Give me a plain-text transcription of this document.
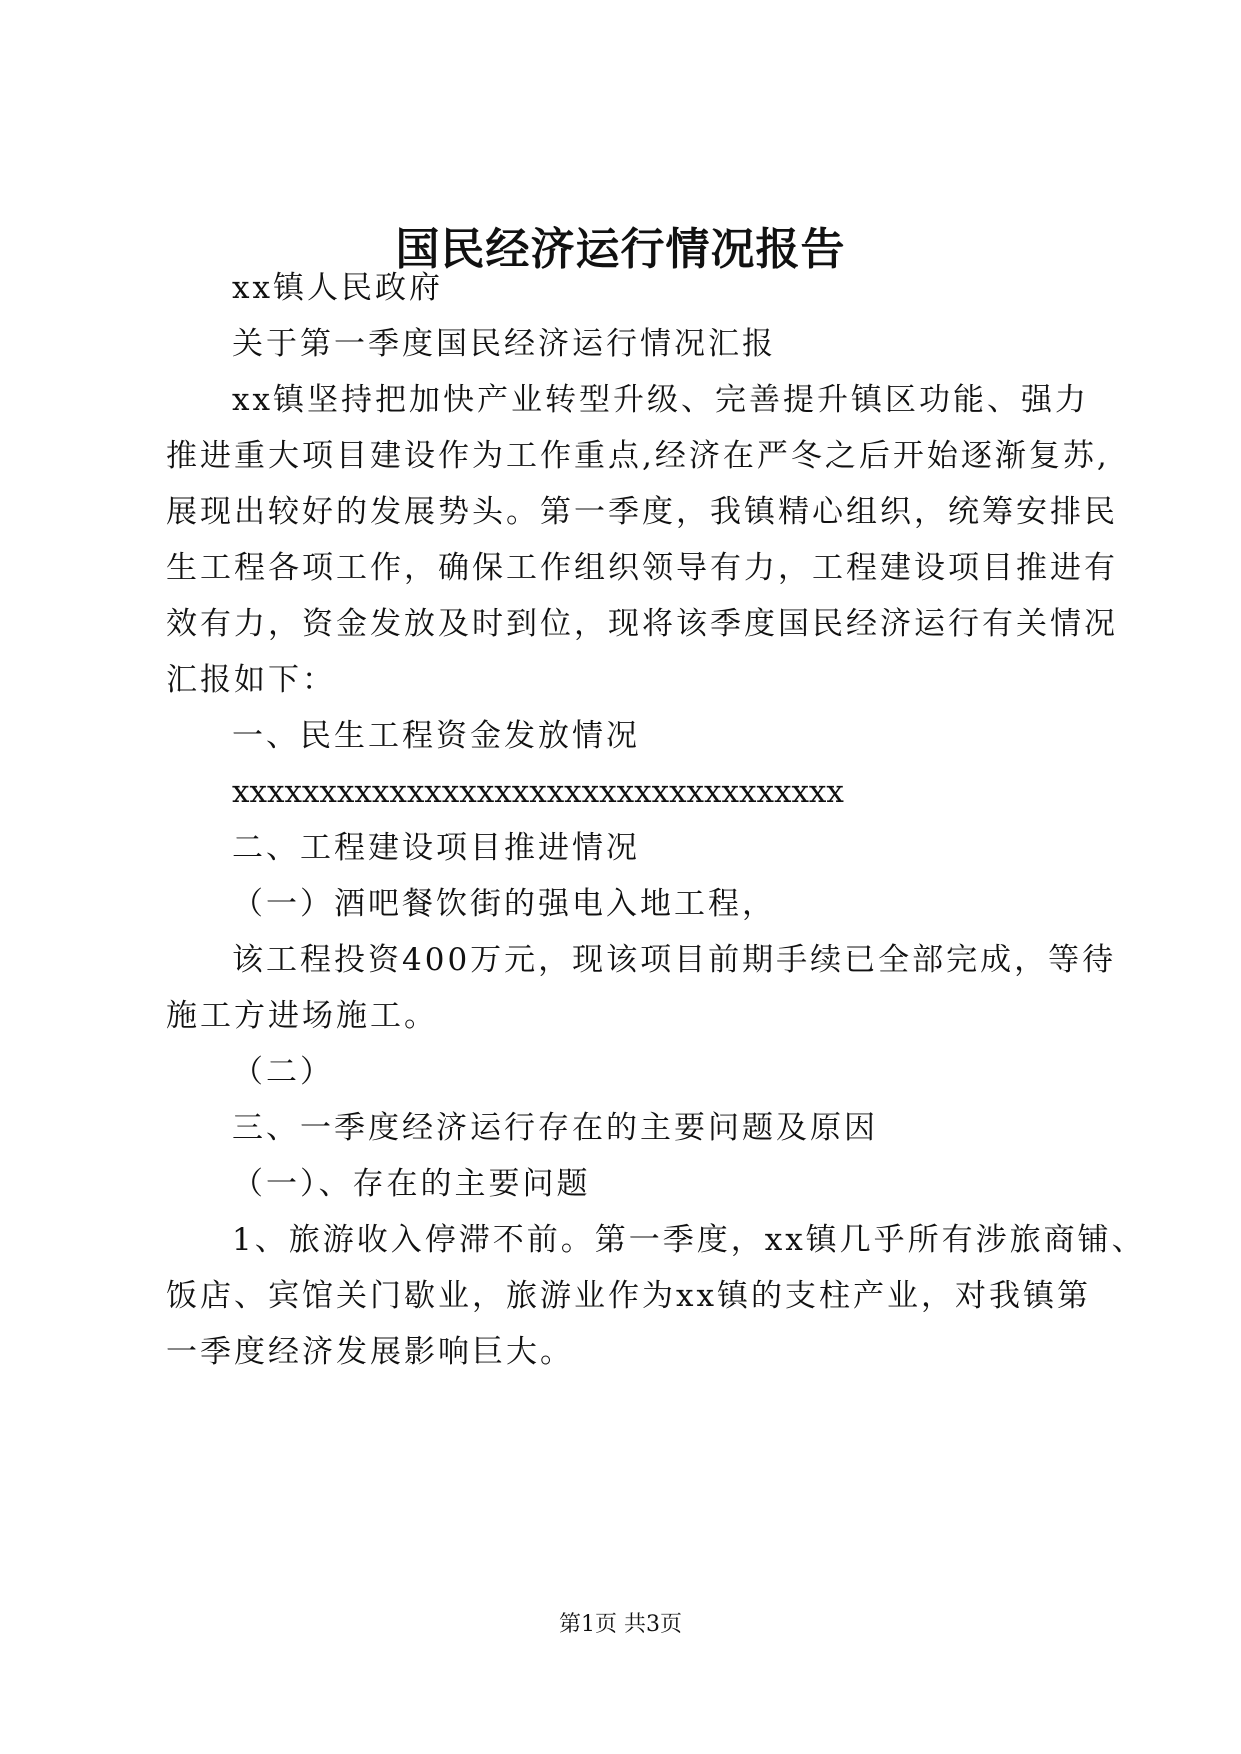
国民经济运行情况报告
xx镇人民政府
关于第一季度国民经济运行情况汇报
xx镇坚持把加快产业转型升级、完善提升镇区功能、强力
推进重大项目建设作为工作重点,经济在严冬之后开始逐渐复苏,
展现出较好的发展势头。第一季度，我镇精心组织，统筹安排民
生工程各项工作，确保工作组织领导有力，工程建设项目推进有
效有力，资金发放及时到位，现将该季度国民经济运行有关情况
汇报如下：
一、民生工程资金发放情况
xxxxxxxxxxxxxxxxxxxxxxxxxxxxxxxxxxx
二、工程建设项目推进情况
（一）酒吧餐饮街的强电入地工程，
该工程投资400万元，现该项目前期手续已全部完成，等待
施工方进场施工。
（二）
三、一季度经济运行存在的主要问题及原因
（一）、存在的主要问题
1、旅游收入停滞不前。第一季度，xx镇几乎所有涉旅商铺、
饭店、宾馆关门歇业，旅游业作为xx镇的支柱产业，对我镇第
一季度经济发展影响巨大。
第1页 共3页
